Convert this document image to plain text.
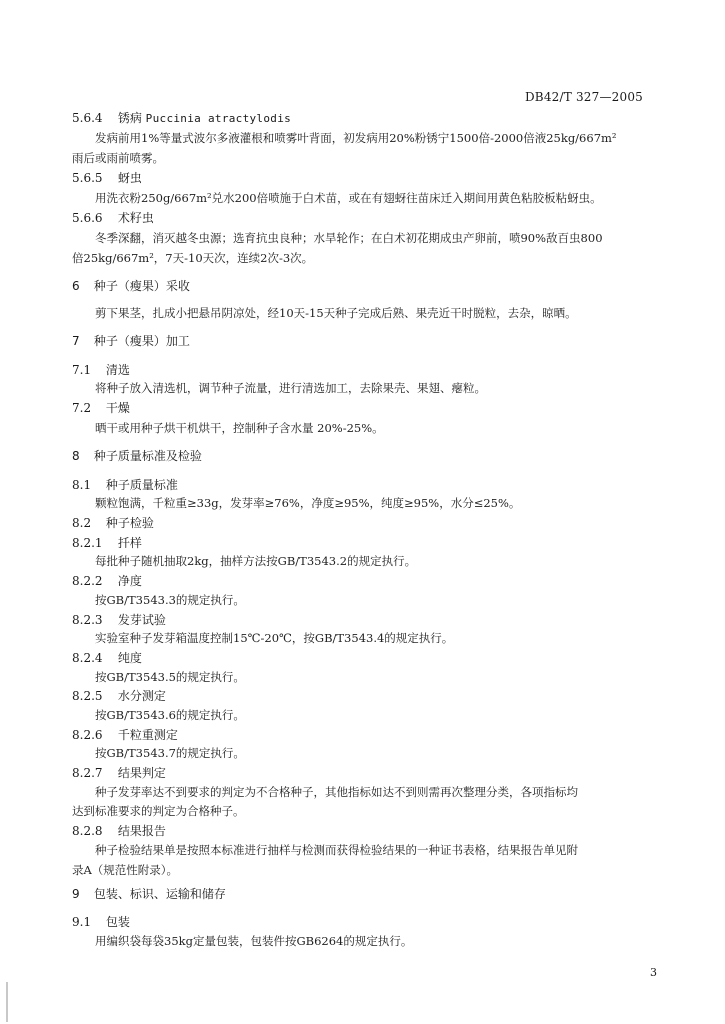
DB42/T 327—2005
5.6.4 锈病 Puccinia atractylodis
发病前用1%等量式波尔多液灌根和喷雾叶背面，初发病用20%粉锈宁1500倍-2000倍液25kg/667m²
雨后或雨前喷雾。
5.6.5 蚜虫
用洗衣粉250g/667m²兑水200倍喷施于白术苗，或在有翅蚜往苗床迁入期间用黄色粘胶板粘蚜虫。
5.6.6 术籽虫
冬季深翻，消灭越冬虫源；选育抗虫良种；水旱轮作；在白术初花期成虫产卵前，喷90%敌百虫800
倍25kg/667m²，7天-10天次，连续2次-3次。
6 种子（瘦果）采收
剪下果茎，扎成小把悬吊阴凉处，经10天-15天种子完成后熟、果壳近干时脱粒，去杂，晾晒。
7 种子（瘦果）加工
7.1 清选
将种子放入清选机，调节种子流量，进行清选加工，去除果壳、果翅、瘪粒。
7.2 干燥
晒干或用种子烘干机烘干，控制种子含水量 20%-25%。
8 种子质量标准及检验
8.1 种子质量标准
颗粒饱满，千粒重≥33g，发芽率≥76%，净度≥95%，纯度≥95%，水分≤25%。
8.2 种子检验
8.2.1 扦样
每批种子随机抽取2kg，抽样方法按GB/T3543.2的规定执行。
8.2.2 净度
按GB/T3543.3的规定执行。
8.2.3 发芽试验
实验室种子发芽箱温度控制15℃-20℃，按GB/T3543.4的规定执行。
8.2.4 纯度
按GB/T3543.5的规定执行。
8.2.5 水分测定
按GB/T3543.6的规定执行。
8.2.6 千粒重测定
按GB/T3543.7的规定执行。
8.2.7 结果判定
种子发芽率达不到要求的判定为不合格种子，其他指标如达不到则需再次整理分类，各项指标均
达到标准要求的判定为合格种子。
8.2.8 结果报告
种子检验结果单是按照本标准进行抽样与检测而获得检验结果的一种证书表格，结果报告单见附
录A（规范性附录）。
9 包装、标识、运输和储存
9.1 包装
用编织袋每袋35kg定量包装，包装件按GB6264的规定执行。
3
